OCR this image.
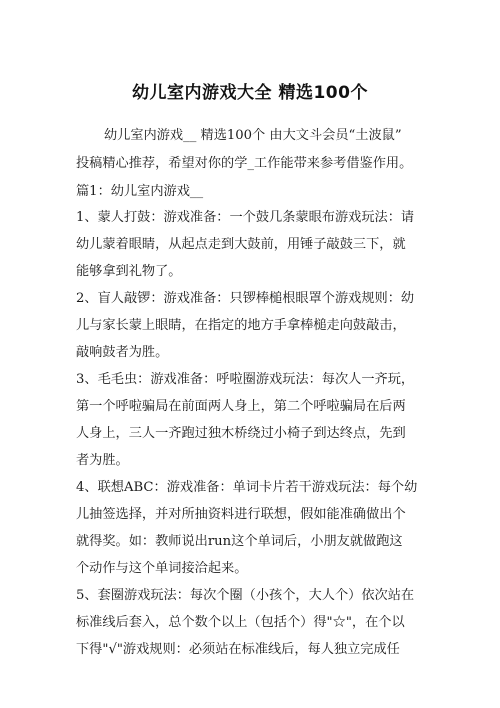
幼儿室内游戏大全 精选100个
幼儿室内游戏__ 精选100个 由大文斗会员“土波鼠”
投稿精心推荐，希望对你的学_工作能带来参考借鉴作用。
篇1：幼儿室内游戏__
1、蒙人打鼓：游戏准备：一个鼓几条蒙眼布游戏玩法：请
幼儿蒙着眼睛，从起点走到大鼓前，用锤子敲鼓三下，就
能够拿到礼物了。
2、盲人敲锣：游戏准备：只锣棒槌根眼罩个游戏规则：幼
儿与家长蒙上眼睛，在指定的地方手拿棒槌走向鼓敲击，
敲响鼓者为胜。
3、毛毛虫：游戏准备：呼啦圈游戏玩法：每次人一齐玩，
第一个呼啦骗局在前面两人身上，第二个呼啦骗局在后两
人身上，三人一齐跑过独木桥绕过小椅子到达终点，先到
者为胜。
4、联想ABC：游戏准备：单词卡片若干游戏玩法：每个幼
儿抽签选择，并对所抽资料进行联想，假如能准确做出个
就得奖。如：教师说出run这个单词后，小朋友就做跑这
个动作与这个单词接洽起来。
5、套圈游戏玩法：每次个圈（小孩个，大人个）依次站在
标准线后套入，总个数个以上（包括个）得"☆"，在个以
下得"√"游戏规则：必须站在标准线后，每人独立完成任
